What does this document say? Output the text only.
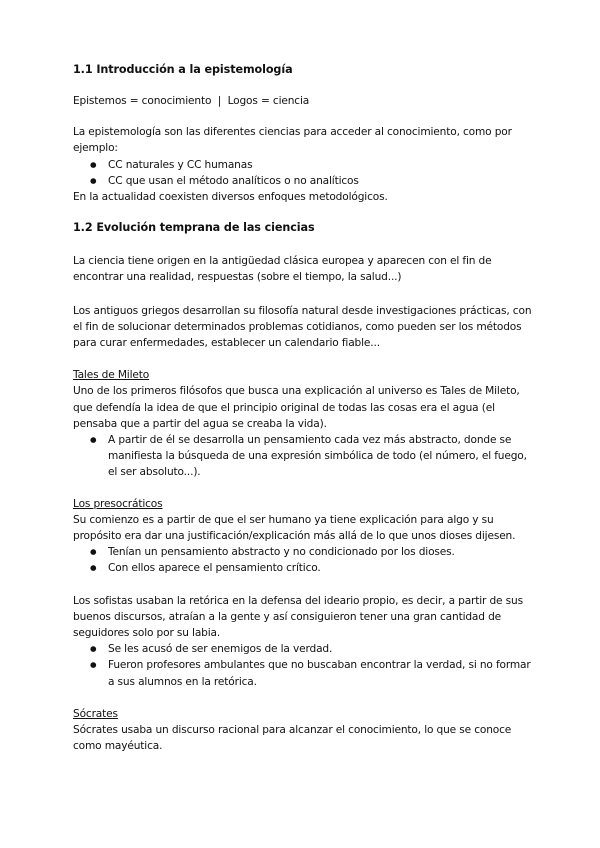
1.1 Introducción a la epistemología

Epistemos = conocimiento  |  Logos = ciencia

La epistemología son las diferentes ciencias para acceder al conocimiento, como por ejemplo:

● CC naturales y CC humanas
● CC que usan el método analíticos o no analíticos

En la actualidad coexisten diversos enfoques metodológicos.

1.2 Evolución temprana de las ciencias

La ciencia tiene origen en la antigüedad clásica europea y aparecen con el fin de encontrar una realidad, respuestas (sobre el tiempo, la salud...)

Los antiguos griegos desarrollan su filosofía natural desde investigaciones prácticas, con el fin de solucionar determinados problemas cotidianos, como pueden ser los métodos para curar enfermedades, establecer un calendario fiable...

Tales de Mileto

Uno de los primeros filósofos que busca una explicación al universo es Tales de Mileto, que defendía la idea de que el principio original de todas las cosas era el agua (el pensaba que a partir del agua se creaba la vida).

● A partir de él se desarrolla un pensamiento cada vez más abstracto, donde se manifiesta la búsqueda de una expresión simbólica de todo (el número, el fuego, el ser absoluto...).

Los presocráticos

Su comienzo es a partir de que el ser humano ya tiene explicación para algo y su propósito era dar una justificación/explicación más allá de lo que unos dioses dijesen.

● Tenían un pensamiento abstracto y no condicionado por los dioses.
● Con ellos aparece el pensamiento crítico.

Los sofistas usaban la retórica en la defensa del ideario propio, es decir, a partir de sus buenos discursos, atraían a la gente y así consiguieron tener una gran cantidad de seguidores solo por su labia.

● Se les acusó de ser enemigos de la verdad.
● Fueron profesores ambulantes que no buscaban encontrar la verdad, si no formar a sus alumnos en la retórica.

Sócrates

Sócrates usaba un discurso racional para alcanzar el conocimiento, lo que se conoce como mayéutica.
